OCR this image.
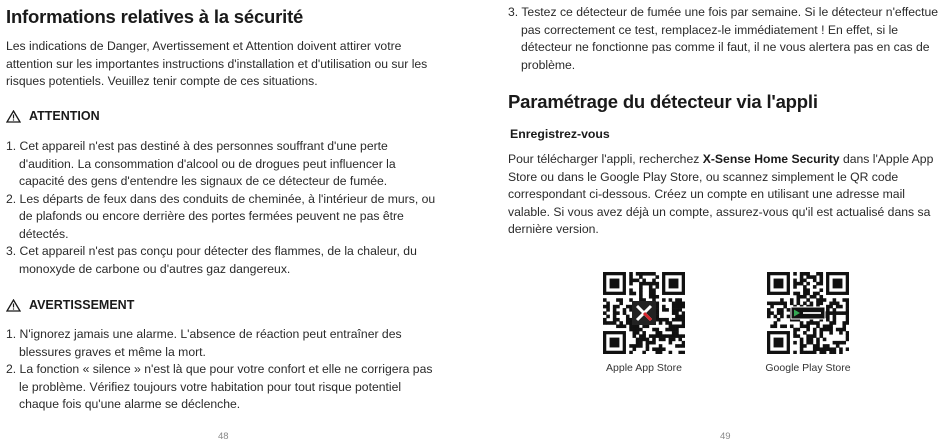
Informations relatives à la sécurité

Les indications de Danger, Avertissement et Attention doivent attirer votre attention sur les importantes instructions d'installation et d'utilisation ou sur les risques potentiels. Veuillez tenir compte de ces situations.

ATTENTION
1. Cet appareil n'est pas destiné à des personnes souffrant d'une perte d'audition. La consommation d'alcool ou de drogues peut influencer la capacité des gens d'entendre les signaux de ce détecteur de fumée.
2. Les départs de feux dans des conduits de cheminée, à l'intérieur de murs, ou de plafonds ou encore derrière des portes fermées peuvent ne pas être détectés.
3. Cet appareil n'est pas conçu pour détecter des flammes, de la chaleur, du monoxyde de carbone ou d'autres gaz dangereux.
AVERTISSEMENT
1. N'ignorez jamais une alarme. L'absence de réaction peut entraîner des blessures graves et même la mort.
2. La fonction « silence » n'est là que pour votre confort et elle ne corrigera pas le problème. Vérifiez toujours votre habitation pour tout risque potentiel chaque fois qu'une alarme se déclenche.
48
3. Testez ce détecteur de fumée une fois par semaine. Si le détecteur n'effectue pas correctement ce test, remplacez-le immédiatement ! En effet, si le détecteur ne fonctionne pas comme il faut, il ne vous alertera pas en cas de problème.
Paramétrage du détecteur via l'appli
Enregistrez-vous

Pour télécharger l'appli, recherchez X-Sense Home Security dans l'Apple App Store ou dans le Google Play Store, ou scannez simplement le QR code correspondant ci-dessous. Créez un compte en utilisant une adresse mail valable. Si vous avez déjà un compte, assurez-vous qu'il est actualisé dans sa dernière version.

Apple App Store	Google Play Store
49
